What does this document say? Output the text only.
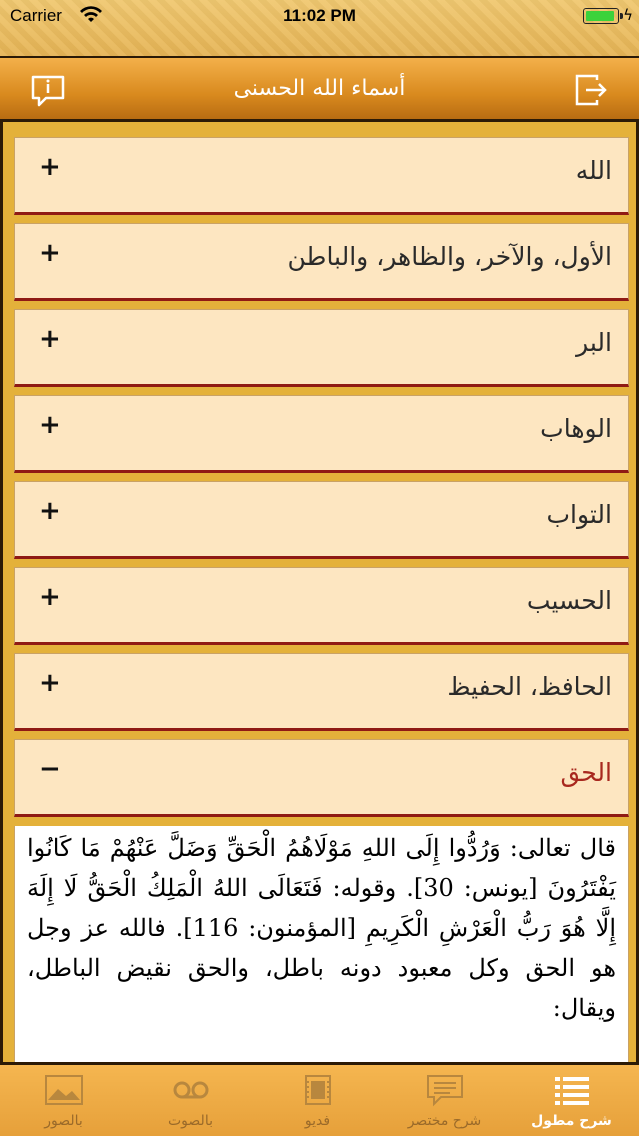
Carrier	11:02 PM	ϟ
أسماء الله الحسنى
الله
+
الأول، والآخر، والظاهر، والباطن
+
البر
+
الوهاب
+
التواب
+
الحسيب
+
الحافظ، الحفيظ
+
الحق
−

قال تعالى: وَرُدُّوا إِلَى اللهِ مَوْلَاهُمُ الْحَقِّ وَضَلَّ عَنْهُمْ مَا كَانُوا يَفْتَرُونَ [يونس: 30]. وقوله: فَتَعَالَى اللهُ الْمَلِكُ الْحَقُّ لَا إِلَهَ إِلَّا هُوَ رَبُّ الْعَرْشِ الْكَرِيمِ [المؤمنون: 116]. فالله عز وجل هو الحق وكل معبود دونه باطل، والحق نقيض الباطل، ويقال:

بالصور	بالصوت	فديو	شرح مختصر	شرح مطول
